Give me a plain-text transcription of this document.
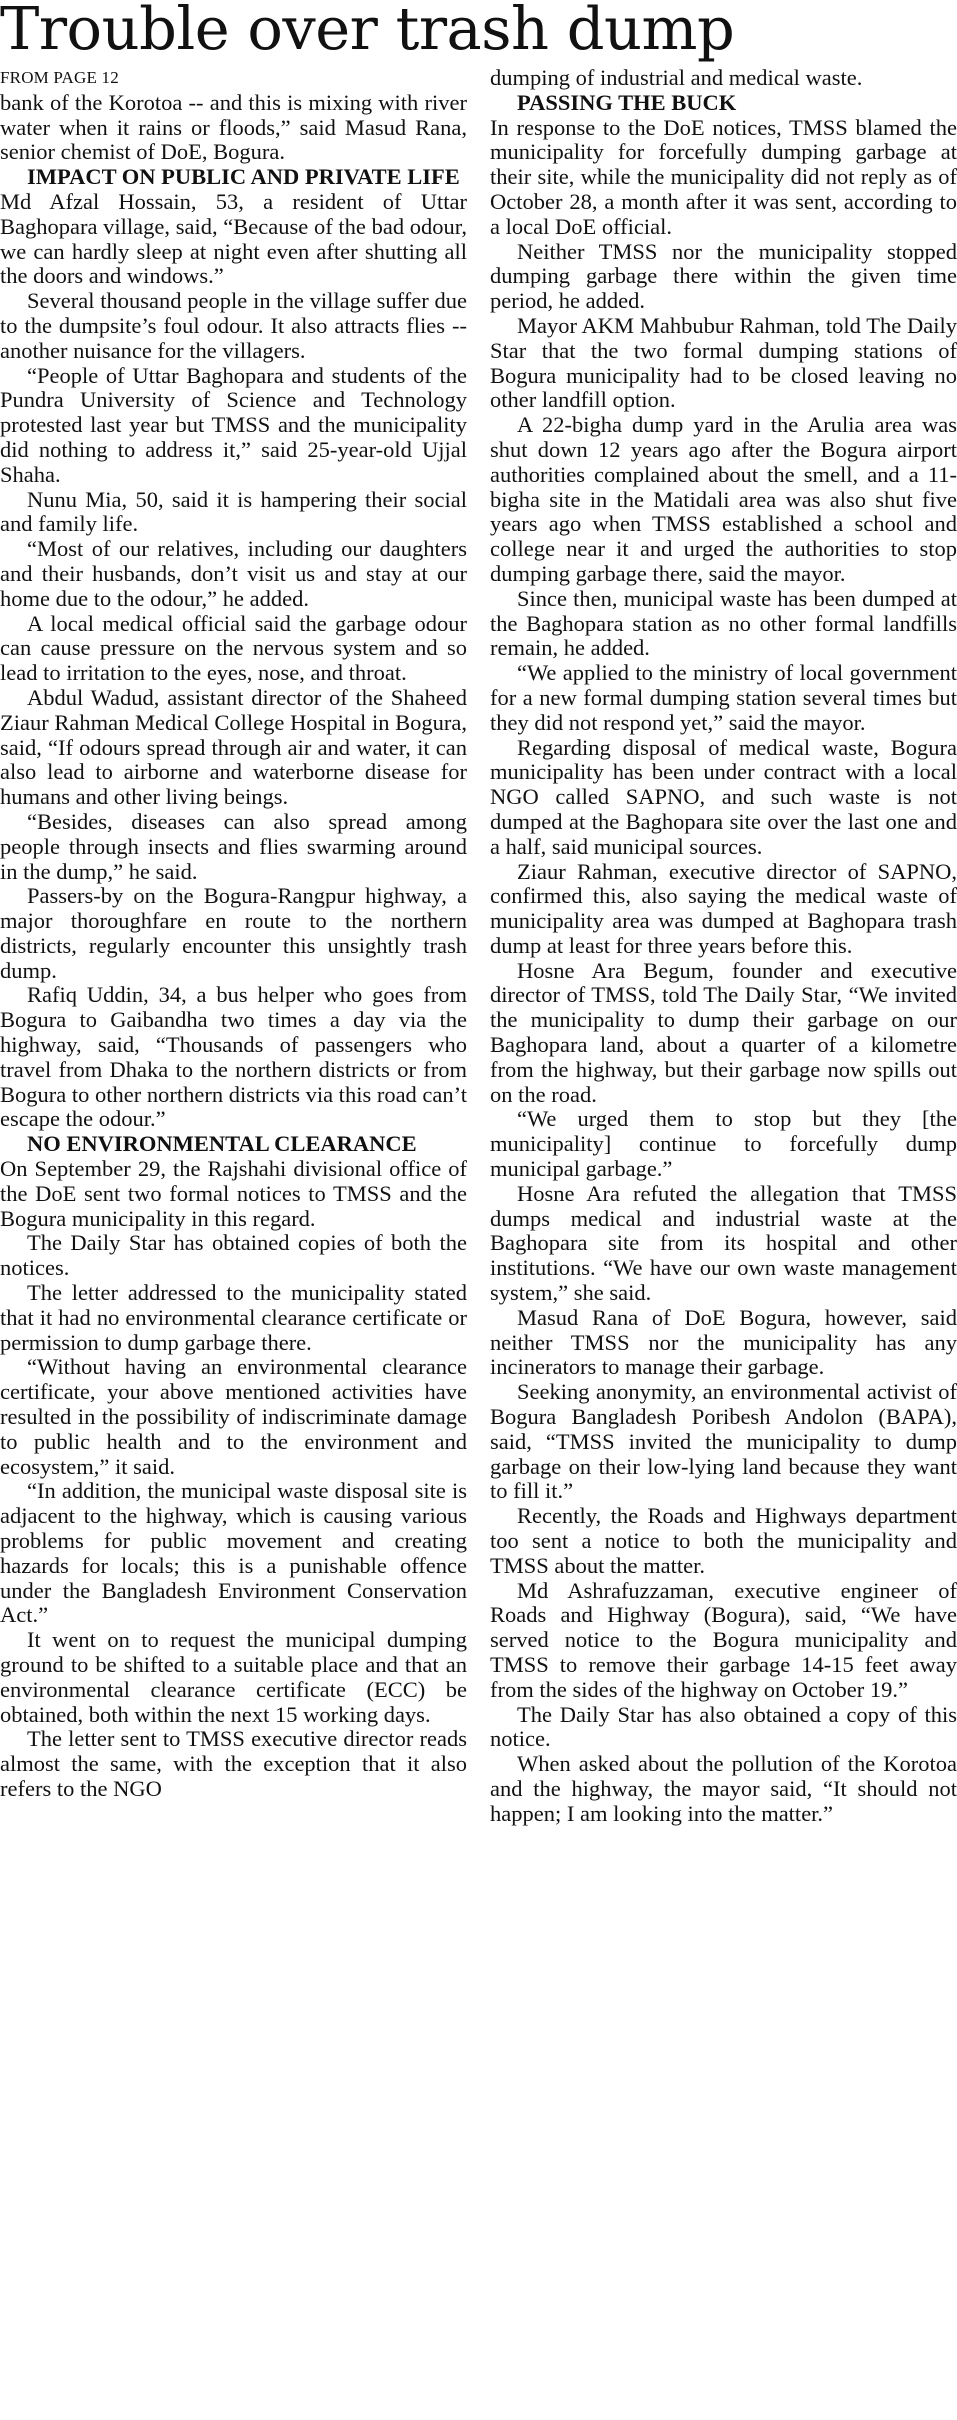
Trouble over trash dump
FROM PAGE 12

bank of the Korotoa -- and this is mixing with river water when it rains or floods,” said Masud Rana, senior chemist of DoE, Bogura.

IMPACT ON PUBLIC AND PRIVATE LIFE

Md Afzal Hossain, 53, a resident of Uttar Baghopara village, said, “Because of the bad odour, we can hardly sleep at night even after shutting all the doors and windows.”

Several thousand people in the village suffer due to the dumpsite’s foul odour. It also attracts flies -- another nuisance for the villagers.

“People of Uttar Baghopara and students of the Pundra University of Science and Technology protested last year but TMSS and the municipality did nothing to address it,” said 25-year-old Ujjal Shaha.

Nunu Mia, 50, said it is hampering their social and family life.

“Most of our relatives, including our daughters and their husbands, don’t visit us and stay at our home due to the odour,” he added.

A local medical official said the garbage odour can cause pressure on the nervous system and so lead to irritation to the eyes, nose, and throat.

Abdul Wadud, assistant director of the Shaheed Ziaur Rahman Medical College Hospital in Bogura, said, “If odours spread through air and water, it can also lead to airborne and waterborne disease for humans and other living beings.

“Besides, diseases can also spread among people through insects and flies swarming around in the dump,” he said.

Passers-by on the Bogura-Rangpur highway, a major thoroughfare en route to the northern districts, regularly encounter this unsightly trash dump.

Rafiq Uddin, 34, a bus helper who goes from Bogura to Gaibandha two times a day via the highway, said, “Thousands of passengers who travel from Dhaka to the northern districts or from Bogura to other northern districts via this road can’t escape the odour.”

NO ENVIRONMENTAL CLEARANCE

On September 29, the Rajshahi divisional office of the DoE sent two formal notices to TMSS and the Bogura municipality in this regard.

The Daily Star has obtained copies of both the notices.

The letter addressed to the municipality stated that it had no environmental clearance certificate or permission to dump garbage there.

“Without having an environmental clearance certificate, your above mentioned activities have resulted in the possibility of indiscriminate damage to public health and to the environment and ecosystem,” it said.

“In addition, the municipal waste disposal site is adjacent to the highway, which is causing various problems for public movement and creating hazards for locals; this is a punishable offence under the Bangladesh Environment Conservation Act.”

It went on to request the municipal dumping ground to be shifted to a suitable place and that an environmental clearance certificate (ECC) be obtained, both within the next 15 working days.

The letter sent to TMSS executive director reads almost the same, with the exception that it also refers to the NGO

dumping of industrial and medical waste.

PASSING THE BUCK

In response to the DoE notices, TMSS blamed the municipality for forcefully dumping garbage at their site, while the municipality did not reply as of October 28, a month after it was sent, according to a local DoE official.

Neither TMSS nor the municipality stopped dumping garbage there within the given time period, he added.

Mayor AKM Mahbubur Rahman, told The Daily Star that the two formal dumping stations of Bogura municipality had to be closed leaving no other landfill option.

A 22-bigha dump yard in the Arulia area was shut down 12 years ago after the Bogura airport authorities complained about the smell, and a 11-bigha site in the Matidali area was also shut five years ago when TMSS established a school and college near it and urged the authorities to stop dumping garbage there, said the mayor.

Since then, municipal waste has been dumped at the Baghopara station as no other formal landfills remain, he added.

“We applied to the ministry of local government for a new formal dumping station several times but they did not respond yet,” said the mayor.

Regarding disposal of medical waste, Bogura municipality has been under contract with a local NGO called SAPNO, and such waste is not dumped at the Baghopara site over the last one and a half, said municipal sources.

Ziaur Rahman, executive director of SAPNO, confirmed this, also saying the medical waste of municipality area was dumped at Baghopara trash dump at least for three years before this.

Hosne Ara Begum, founder and executive director of TMSS, told The Daily Star, “We invited the municipality to dump their garbage on our Baghopara land, about a quarter of a kilometre from the highway, but their garbage now spills out on the road.

“We urged them to stop but they [the municipality] continue to forcefully dump municipal garbage.”

Hosne Ara refuted the allegation that TMSS dumps medical and industrial waste at the Baghopara site from its hospital and other institutions. “We have our own waste management system,” she said.

Masud Rana of DoE Bogura, however, said neither TMSS nor the municipality has any incinerators to manage their garbage.

Seeking anonymity, an environmental activist of Bogura Bangladesh Poribesh Andolon (BAPA), said, “TMSS invited the municipality to dump garbage on their low-lying land because they want to fill it.”

Recently, the Roads and Highways department too sent a notice to both the municipality and TMSS about the matter.

Md Ashrafuzzaman, executive engineer of Roads and Highway (Bogura), said, “We have served notice to the Bogura municipality and TMSS to remove their garbage 14-15 feet away from the sides of the highway on October 19.”

The Daily Star has also obtained a copy of this notice.

When asked about the pollution of the Korotoa and the highway, the mayor said, “It should not happen; I am looking into the matter.”
